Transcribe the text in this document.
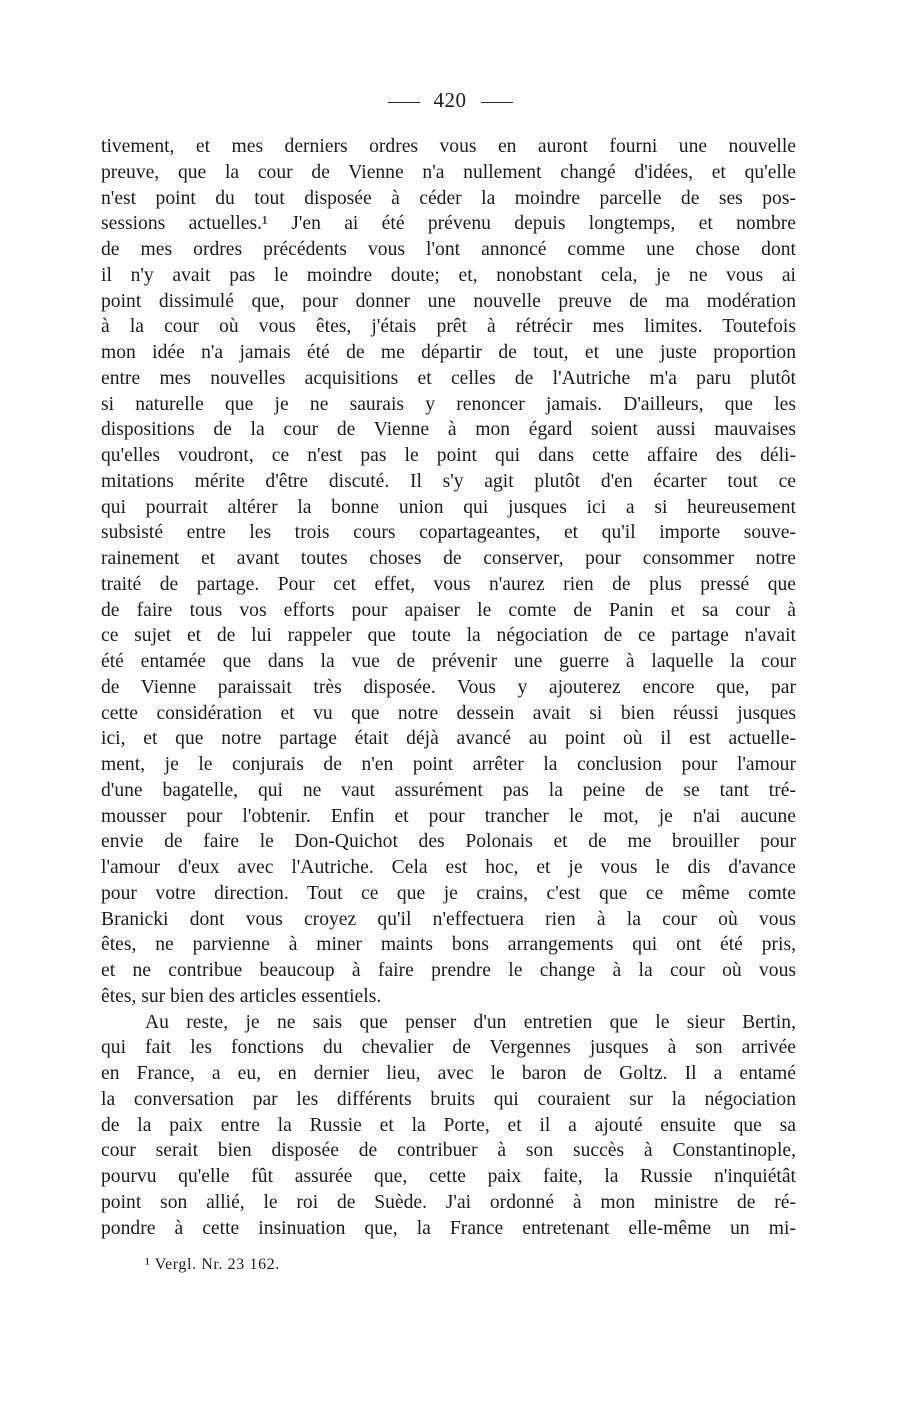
420
tivement, et mes derniers ordres vous en auront fourni une nouvelle
preuve, que la cour de Vienne n'a nullement changé d'idées, et qu'elle
n'est point du tout disposée à céder la moindre parcelle de ses pos-
sessions actuelles.¹ J'en ai été prévenu depuis longtemps, et nombre
de mes ordres précédents vous l'ont annoncé comme une chose dont
il n'y avait pas le moindre doute; et, nonobstant cela, je ne vous ai
point dissimulé que, pour donner une nouvelle preuve de ma modération
à la cour où vous êtes, j'étais prêt à rétrécir mes limites. Toutefois
mon idée n'a jamais été de me départir de tout, et une juste proportion
entre mes nouvelles acquisitions et celles de l'Autriche m'a paru plutôt
si naturelle que je ne saurais y renoncer jamais. D'ailleurs, que les
dispositions de la cour de Vienne à mon égard soient aussi mauvaises
qu'elles voudront, ce n'est pas le point qui dans cette affaire des déli-
mitations mérite d'être discuté. Il s'y agit plutôt d'en écarter tout ce
qui pourrait altérer la bonne union qui jusques ici a si heureusement
subsisté entre les trois cours copartageantes, et qu'il importe souve-
rainement et avant toutes choses de conserver, pour consommer notre
traité de partage. Pour cet effet, vous n'aurez rien de plus pressé que
de faire tous vos efforts pour apaiser le comte de Panin et sa cour à
ce sujet et de lui rappeler que toute la négociation de ce partage n'avait
été entamée que dans la vue de prévenir une guerre à laquelle la cour
de Vienne paraissait très disposée. Vous y ajouterez encore que, par
cette considération et vu que notre dessein avait si bien réussi jusques
ici, et que notre partage était déjà avancé au point où il est actuelle-
ment, je le conjurais de n'en point arrêter la conclusion pour l'amour
d'une bagatelle, qui ne vaut assurément pas la peine de se tant tré-
mousser pour l'obtenir. Enfin et pour trancher le mot, je n'ai aucune
envie de faire le Don-Quichot des Polonais et de me brouiller pour
l'amour d'eux avec l'Autriche. Cela est hoc, et je vous le dis d'avance
pour votre direction. Tout ce que je crains, c'est que ce même comte
Branicki dont vous croyez qu'il n'effectuera rien à la cour où vous
êtes, ne parvienne à miner maints bons arrangements qui ont été pris,
et ne contribue beaucoup à faire prendre le change à la cour où vous
êtes, sur bien des articles essentiels.
Au reste, je ne sais que penser d'un entretien que le sieur Bertin,
qui fait les fonctions du chevalier de Vergennes jusques à son arrivée
en France, a eu, en dernier lieu, avec le baron de Goltz. Il a entamé
la conversation par les différents bruits qui couraient sur la négociation
de la paix entre la Russie et la Porte, et il a ajouté ensuite que sa
cour serait bien disposée de contribuer à son succès à Constantinople,
pourvu qu'elle fût assurée que, cette paix faite, la Russie n'inquiétât
point son allié, le roi de Suède. J'ai ordonné à mon ministre de ré-
pondre à cette insinuation que, la France entretenant elle-même un mi-
¹ Vergl. Nr. 23 162.
